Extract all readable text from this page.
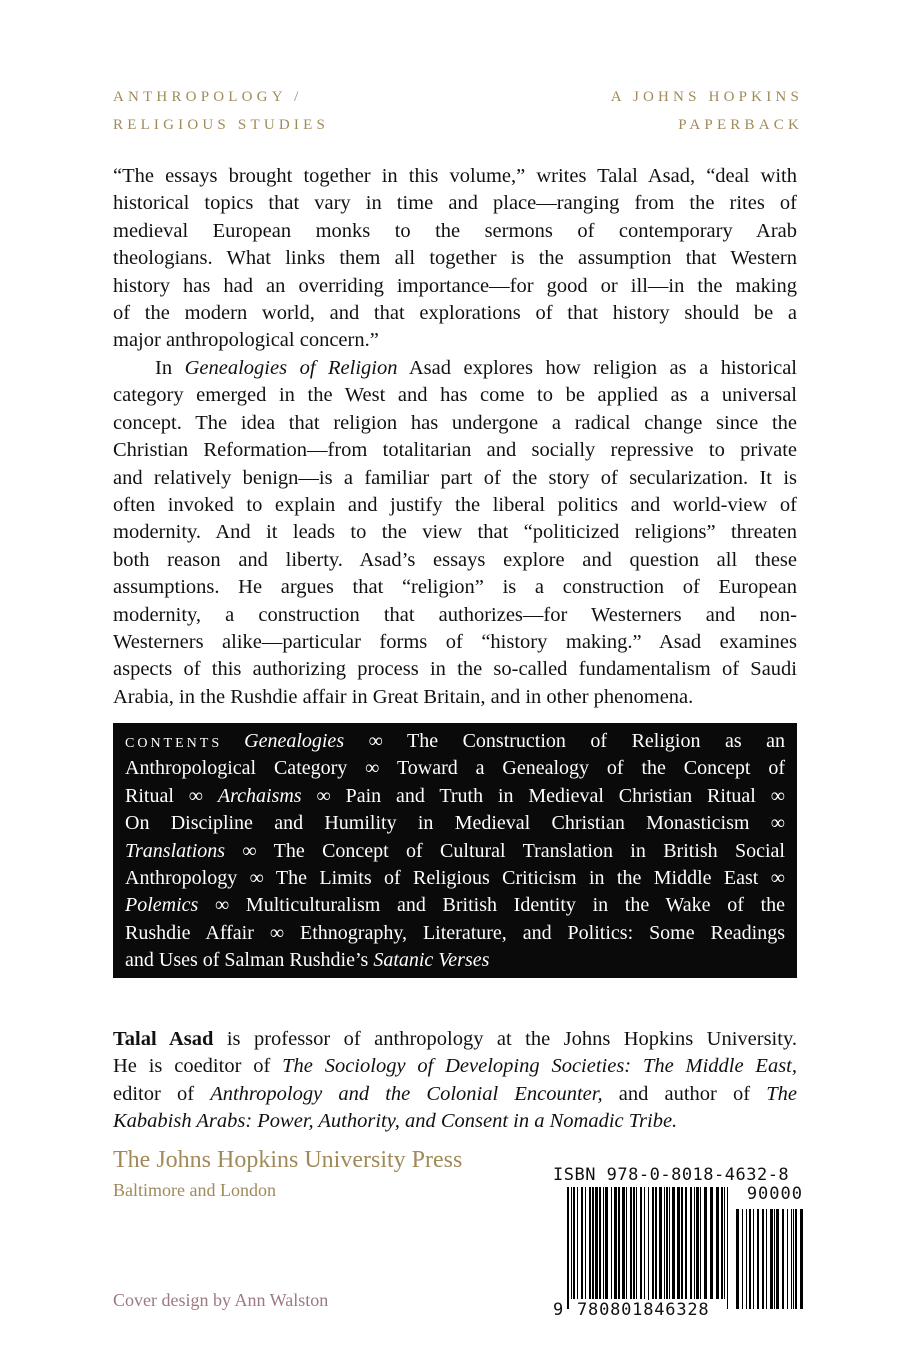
ANTHROPOLOGY /
RELIGIOUS STUDIES
A JOHNS HOPKINS
PAPERBACK
“The essays brought together in this volume,” writes Talal Asad, “deal with
historical topics that vary in time and place—ranging from the rites of
medieval European monks to the sermons of contemporary Arab
theologians. What links them all together is the assumption that Western
history has had an overriding importance—for good or ill—in the making
of the modern world, and that explorations of that history should be a
major anthropological concern.”
In Genealogies of Religion Asad explores how religion as a historical
category emerged in the West and has come to be applied as a universal
concept. The idea that religion has undergone a radical change since the
Christian Reformation—from totalitarian and socially repressive to private
and relatively benign—is a familiar part of the story of secularization. It is
often invoked to explain and justify the liberal politics and world-view of
modernity. And it leads to the view that “politicized religions” threaten
both reason and liberty. Asad’s essays explore and question all these
assumptions. He argues that “religion” is a construction of European
modernity, a construction that authorizes—for Westerners and non-
Westerners alike—particular forms of “history making.” Asad examines
aspects of this authorizing process in the so-called fundamentalism of Saudi
Arabia, in the Rushdie affair in Great Britain, and in other phenomena.
CONTENTS Genealogies ∞ The Construction of Religion as an
Anthropological Category ∞ Toward a Genealogy of the Concept of
Ritual ∞ Archaisms ∞ Pain and Truth in Medieval Christian Ritual ∞
On Discipline and Humility in Medieval Christian Monasticism ∞
Translations ∞ The Concept of Cultural Translation in British Social
Anthropology ∞ The Limits of Religious Criticism in the Middle East ∞
Polemics ∞ Multiculturalism and British Identity in the Wake of the
Rushdie Affair ∞ Ethnography, Literature, and Politics: Some Readings
and Uses of Salman Rushdie’s Satanic Verses
Talal Asad is professor of anthropology at the Johns Hopkins University.
He is coeditor of The Sociology of Developing Societies: The Middle East,
editor of Anthropology and the Colonial Encounter, and author of The
Kababish Arabs: Power, Authority, and Consent in a Nomadic Tribe.
The Johns Hopkins University Press
Baltimore and London
Cover design by Ann Walston
ISBN 978-0-8018-4632-8
90000
9 780801846328
